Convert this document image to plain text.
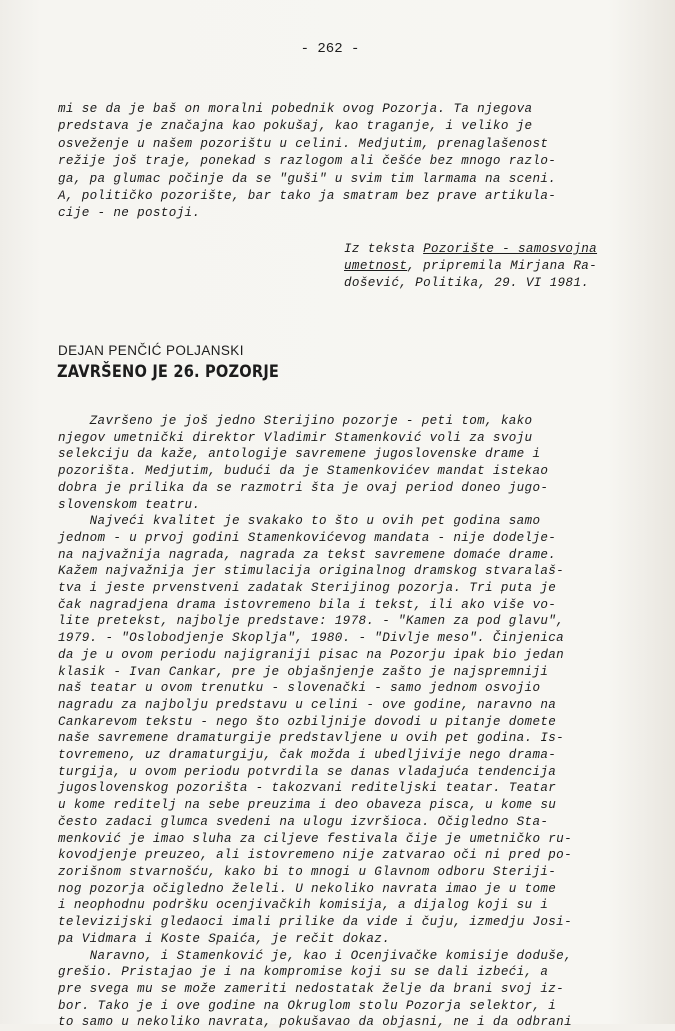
- 262 -

mi se da je baš on moralni pobednik ovog Pozorja. Ta njegova

predstava je značajna kao pokušaj, kao traganje, i veliko je

osveženje u našem pozorištu u celini. Medjutim, prenaglašenost

režije još traje, ponekad s razlogom ali češće bez mnogo razlo-

ga, pa glumac počinje da se "guši" u svim tim larmama na sceni.

A, političko pozorište, bar tako ja smatram bez prave artikula-

cije - ne postoji.

Iz teksta Pozorište - samosvojna
umetnost, pripremila Mirjana Ra-
došević, Politika, 29. VI 1981.
DEJAN PENČIĆ POLJANSKI
ZAVRŠENO JE 26. POZORJE

Završeno je još jedno Sterijino pozorje - peti tom, kako

njegov umetnički direktor Vladimir Stamenković voli za svoju

selekciju da kaže, antologije savremene jugoslovenske drame i

pozorišta. Medjutim, budući da je Stamenkovićev mandat istekao

dobra je prilika da se razmotri šta je ovaj period doneo jugo-

slovenskom teatru.

Najveći kvalitet je svakako to što u ovih pet godina samo

jednom - u prvoj godini Stamenkovićevog mandata - nije dodelje-

na najvažnija nagrada, nagrada za tekst savremene domaće drame.

Kažem najvažnija jer stimulacija originalnog dramskog stvaralaš-

tva i jeste prvenstveni zadatak Sterijinog pozorja. Tri puta je

čak nagradjena drama istovremeno bila i tekst, ili ako više vo-

lite pretekst, najbolje predstave: 1978. - "Kamen za pod glavu",

1979. - "Oslobodjenje Skoplja", 1980. - "Divlje meso". Činjenica

da je u ovom periodu najigraniji pisac na Pozorju ipak bio jedan

klasik - Ivan Cankar, pre je objašnjenje zašto je najspremniji

naš teatar u ovom trenutku - slovenački - samo jednom osvojio

nagradu za najbolju predstavu u celini - ove godine, naravno na

Cankarevom tekstu - nego što ozbiljnije dovodi u pitanje domete

naše savremene dramaturgije predstavljene u ovih pet godina. Is-

tovremeno, uz dramaturgiju, čak možda i ubedljivije nego drama-

turgija, u ovom periodu potvrdila se danas vladajuća tendencija

jugoslovenskog pozorišta - takozvani rediteljski teatar. Teatar

u kome reditelj na sebe preuzima i deo obaveza pisca, u kome su

često zadaci glumca svedeni na ulogu izvršioca. Očigledno Sta-

menković je imao sluha za ciljeve festivala čije je umetničko ru-

kovodjenje preuzeo, ali istovremeno nije zatvarao oči ni pred po-

zorišnom stvarnošću, kako bi to mnogi u Glavnom odboru Steriji-

nog pozorja očigledno želeli. U nekoliko navrata imao je u tome

i neophodnu podršku ocenjivačkih komisija, a dijalog koji su i

televizijski gledaoci imali prilike da vide i čuju, izmedju Josi-

pa Vidmara i Koste Spaića, je rečit dokaz.

Naravno, i Stamenković je, kao i Ocenjivačke komisije doduše,

grešio. Pristajao je i na kompromise koji su se dali izbeći, a

pre svega mu se može zameriti nedostatak želje da brani svoj iz-

bor. Tako je i ove godine na Okruglom stolu Pozorja selektor, i

to samo u nekoliko navrata, pokušavao da objasni, ne i da odbrani
